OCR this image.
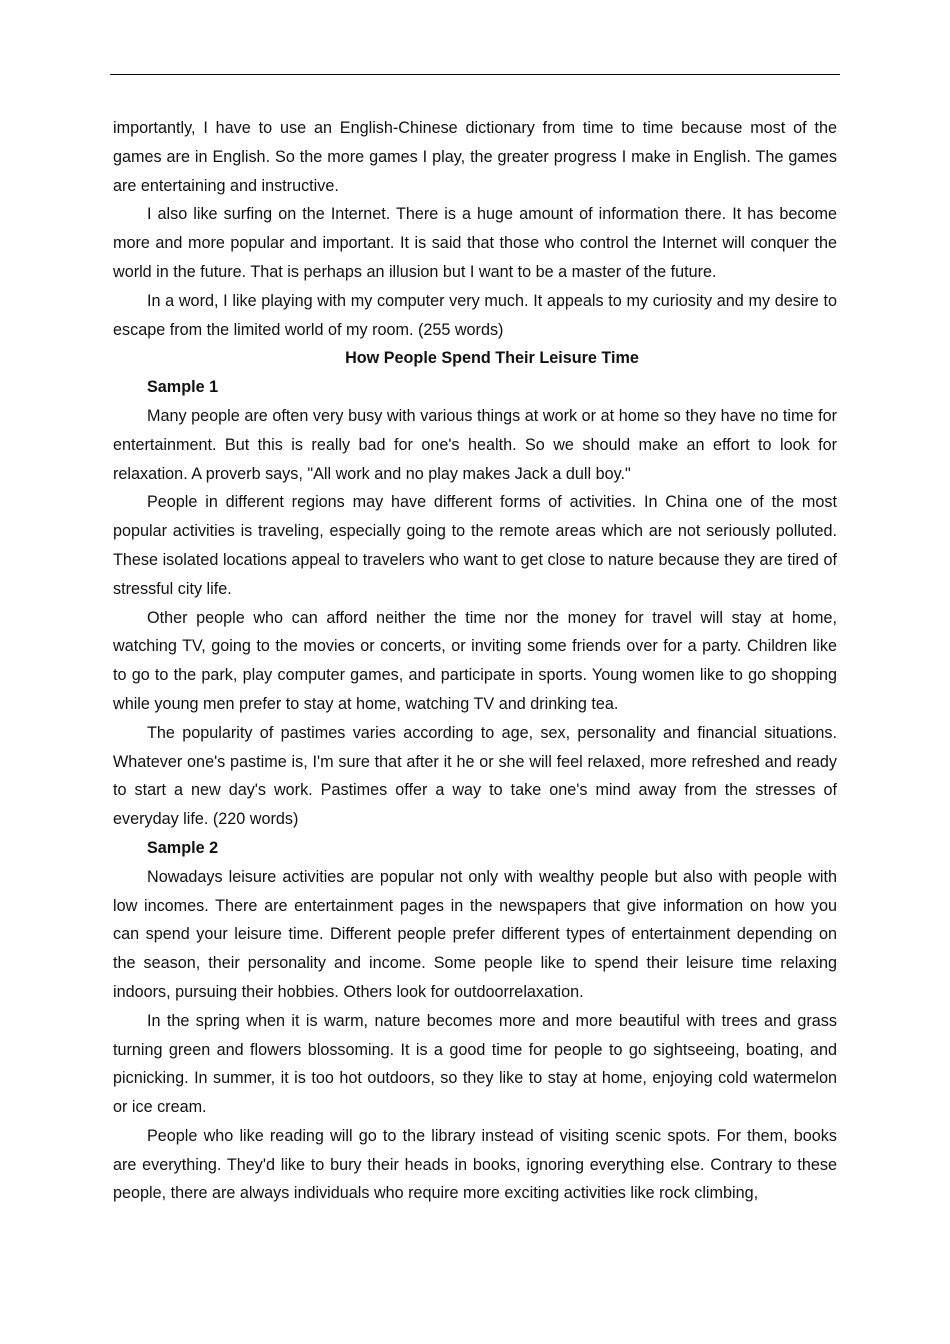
importantly, I have to use an English-Chinese dictionary from time to time because most of the games are in English. So the more games I play, the greater progress I make in English. The games are entertaining and instructive.

I also like surfing on the Internet. There is a huge amount of information there. It has become more and more popular and important. It is said that those who control the Internet will conquer the world in the future. That is perhaps an illusion but I want to be a master of the future.

In a word, I like playing with my computer very much. It appeals to my curiosity and my desire to escape from the limited world of my room. (255 words)

How People Spend Their Leisure Time

Sample 1

Many people are often very busy with various things at work or at home so they have no time for entertainment. But this is really bad for one's health. So we should make an effort to look for relaxation. A proverb says, "All work and no play makes Jack a dull boy."

People in different regions may have different forms of activities. In China one of the most popular activities is traveling, especially going to the remote areas which are not seriously polluted. These isolated locations appeal to travelers who want to get close to nature because they are tired of stressful city life.

Other people who can afford neither the time nor the money for travel will stay at home, watching TV, going to the movies or concerts, or inviting some friends over for a party. Children like to go to the park, play computer games, and participate in sports. Young women like to go shopping while young men prefer to stay at home, watching TV and drinking tea.

The popularity of pastimes varies according to age, sex, personality and financial situations. Whatever one's pastime is, I'm sure that after it he or she will feel relaxed, more refreshed and ready to start a new day's work. Pastimes offer a way to take one's mind away from the stresses of everyday life. (220 words)

Sample 2

Nowadays leisure activities are popular not only with wealthy people but also with people with low incomes. There are entertainment pages in the newspapers that give information on how you can spend your leisure time. Different people prefer different types of entertainment depending on the season, their personality and income. Some people like to spend their leisure time relaxing indoors, pursuing their hobbies. Others look for outdoorrelaxation.

In the spring when it is warm, nature becomes more and more beautiful with trees and grass turning green and flowers blossoming. It is a good time for people to go sightseeing, boating, and picnicking. In summer, it is too hot outdoors, so they like to stay at home, enjoying cold watermelon or ice cream.

People who like reading will go to the library instead of visiting scenic spots. For them, books are everything. They'd like to bury their heads in books, ignoring everything else. Contrary to these people, there are always individuals who require more exciting activities like rock climbing,
